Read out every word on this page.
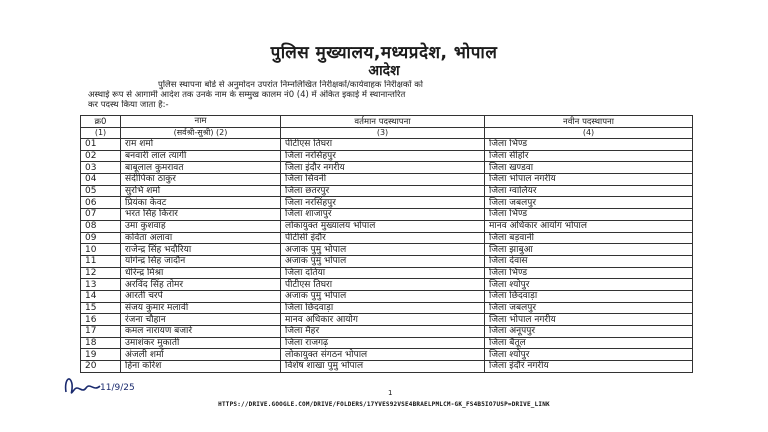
पुलिस मुख्यालय,मध्यप्रदेश, भोपाल
आदेश

पुलिस स्थापना बोर्ड से अनुमोदन उपरांत निम्नलिखित निरीक्षकों/कार्यवाहक निरीक्षकों को

अस्थाई रूप से आगामी आदेश तक उनके नाम के सम्मुख कालम नं0 (4) में अंकित इकाई में स्थानान्तरित

कर पदस्थ किया जाता है:-

क्र0	नाम	वर्तमान पदस्थापना	नवीन पदस्थापना
(1)	(सर्वश्री-सुश्री) (2)	(3)	(4)
01	राम शर्मा	पीटीएस तिघरा	जिला भिण्ड
02	बनवारी लाल त्यागी	जिला नरसिंहपुर	जिला सीहोर
03	बाबूलाल कुमरावत	जिला इंदौर नगरीय	जिला खण्डवा
04	संदीपिका ठाकुर	जिला सिवनी	जिला भोपाल नगरीय
05	सुरभि शर्मा	जिला छतरपुर	जिला ग्वालियर
06	प्रियंका केवट	जिला नरसिंहपुर	जिला जबलपुर
07	भरत सिंह किरार	जिला शाजापुर	जिला भिण्ड
08	उमा कुशवाह	लोकायुक्त मुख्यालय भोपाल	मानव अधिकार आयोग भोपाल
09	कविता अलावा	पीटीसी इंदौर	जिला बड़वानी
10	राजेन्द्र सिंह भदौरिया	अजाक पुमु भोपाल	जिला झाबुआ
11	योगेन्द्र सिंह जादौन	अजाक पुमु भोपाल	जिला देवास
12	धीरेन्द्र मिश्रा	जिला दतिया	जिला भिण्ड
13	अरविंद सिंह तोमर	पीटीएस तिघरा	जिला श्योपुर
14	आरती चरपे	अजाक पुमु भोपाल	जिला छिंदवाड़ा
15	संजय कुमार मलावी	जिला छिंदवाड़ा	जिला जबलपुर
16	रंजना चौहान	मानव अधिकार आयोग	जिला भोपाल नगरीय
17	कमल नारायण बजारे	जिला मैहर	जिला अनूपपुर
18	उमाशंकर मुकाती	जिला राजगढ़	जिला बैतूल
19	अंजली शर्मा	लोकायुक्त संगठन भोपाल	जिला श्योपुर
20	हिना कोरेश	विशेष शाखा पुमु भोपाल	जिला इंदौर नगरीय
11/9/25	1
HTTPS://DRIVE.GOOGLE.COM/DRIVE/FOLDERS/17YVES92VSE4BRAELPMLCM-GK_FS4B5IO7USP=DRIVE_LINK
